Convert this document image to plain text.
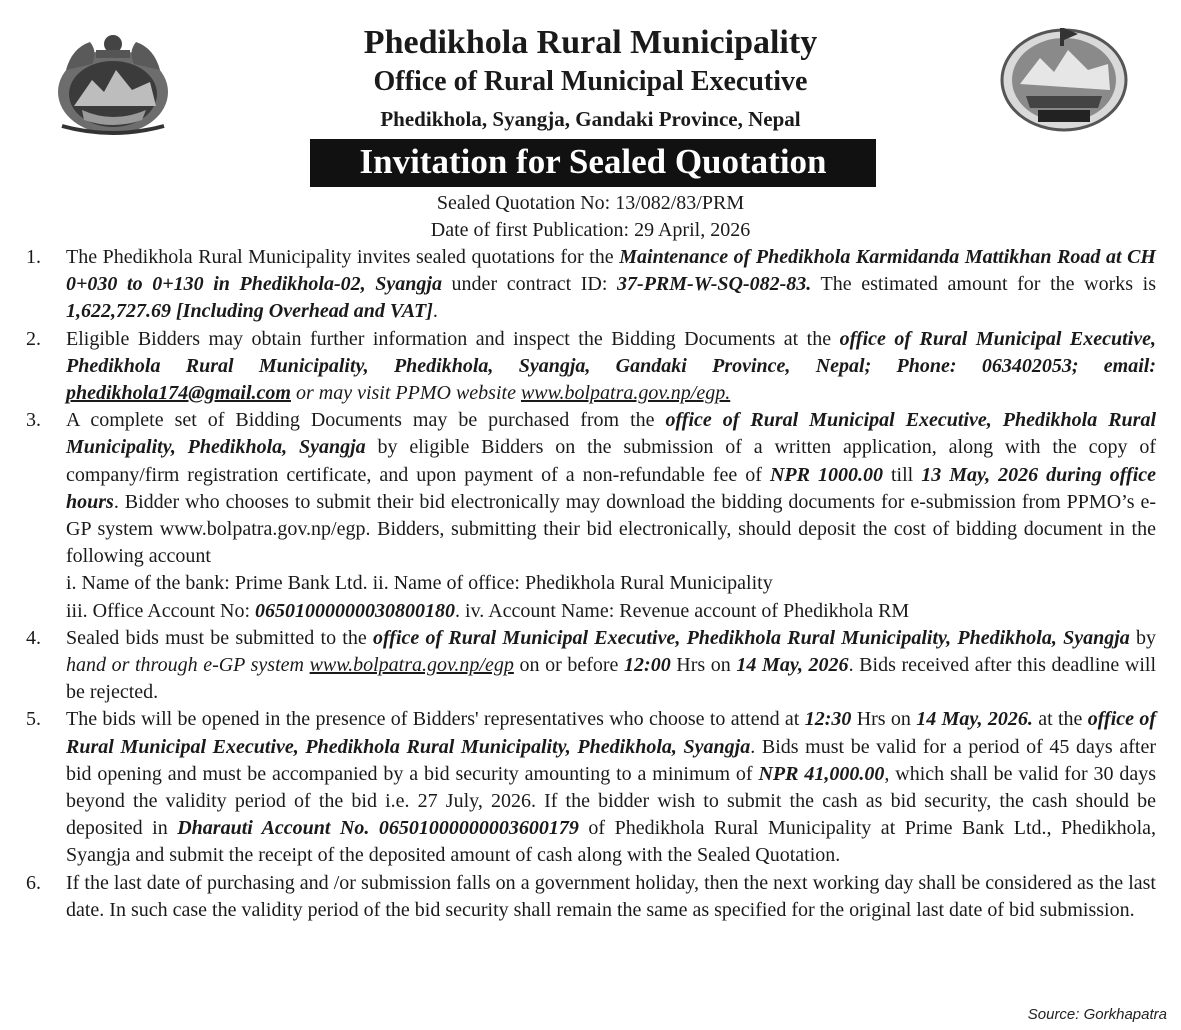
Phedikhola Rural Municipality
Office of Rural Municipal Executive
Phedikhola, Syangja, Gandaki Province, Nepal
Invitation for Sealed Quotation
Sealed Quotation No: 13/082/83/PRM
Date of first Publication: 29 April, 2026
1.	The Phedikhola Rural Municipality invites sealed quotations for the Maintenance of Phedikhola Karmidanda Mattikhan Road at CH 0+030 to 0+130 in Phedikhola-02, Syangja under contract ID: 37-PRM-W-SQ-082-83. The estimated amount for the works is 1,622,727.69 [Including Overhead and VAT].
2.	Eligible Bidders may obtain further information and inspect the Bidding Documents at the office of Rural Municipal Executive, Phedikhola Rural Municipality, Phedikhola, Syangja, Gandaki Province, Nepal; Phone: 063402053; email: phedikhola174@gmail.com or may visit PPMO website www.bolpatra.gov.np/egp.
3.	A complete set of Bidding Documents may be purchased from the office of Rural Municipal Executive, Phedikhola Rural Municipality, Phedikhola, Syangja by eligible Bidders on the submission of a written application, along with the copy of company/firm registration certificate, and upon payment of a non-refundable fee of NPR 1000.00 till 13 May, 2026 during office hours. Bidder who chooses to submit their bid electronically may download the bidding documents for e-submission from PPMO’s e-GP system www.bolpatra.gov.np/egp. Bidders, submitting their bid electronically, should deposit the cost of bidding document in the following account
i. Name of the bank: Prime Bank Ltd. ii. Name of office: Phedikhola Rural Municipality
iii. Office Account No: 06501000000030800180. iv. Account Name: Revenue account of Phedikhola RM
4.	Sealed bids must be submitted to the office of Rural Municipal Executive, Phedikhola Rural Municipality, Phedikhola, Syangja by hand or through e-GP system www.bolpatra.gov.np/egp on or before 12:00 Hrs on 14 May, 2026. Bids received after this deadline will be rejected.
5.	The bids will be opened in the presence of Bidders' representatives who choose to attend at 12:30 Hrs on 14 May, 2026. at the office of Rural Municipal Executive, Phedikhola Rural Municipality, Phedikhola, Syangja. Bids must be valid for a period of 45 days after bid opening and must be accompanied by a bid security amounting to a minimum of NPR 41,000.00, which shall be valid for 30 days beyond the validity period of the bid i.e. 27 July, 2026. If the bidder wish to submit the cash as bid security, the cash should be deposited in Dharauti Account No. 06501000000003600179 of Phedikhola Rural Municipality at Prime Bank Ltd., Phedikhola, Syangja and submit the receipt of the deposited amount of cash along with the Sealed Quotation.
6.	If the last date of purchasing and /or submission falls on a government holiday, then the next working day shall be considered as the last date. In such case the validity period of the bid security shall remain the same as specified for the original last date of bid submission.
Source: Gorkhapatra
